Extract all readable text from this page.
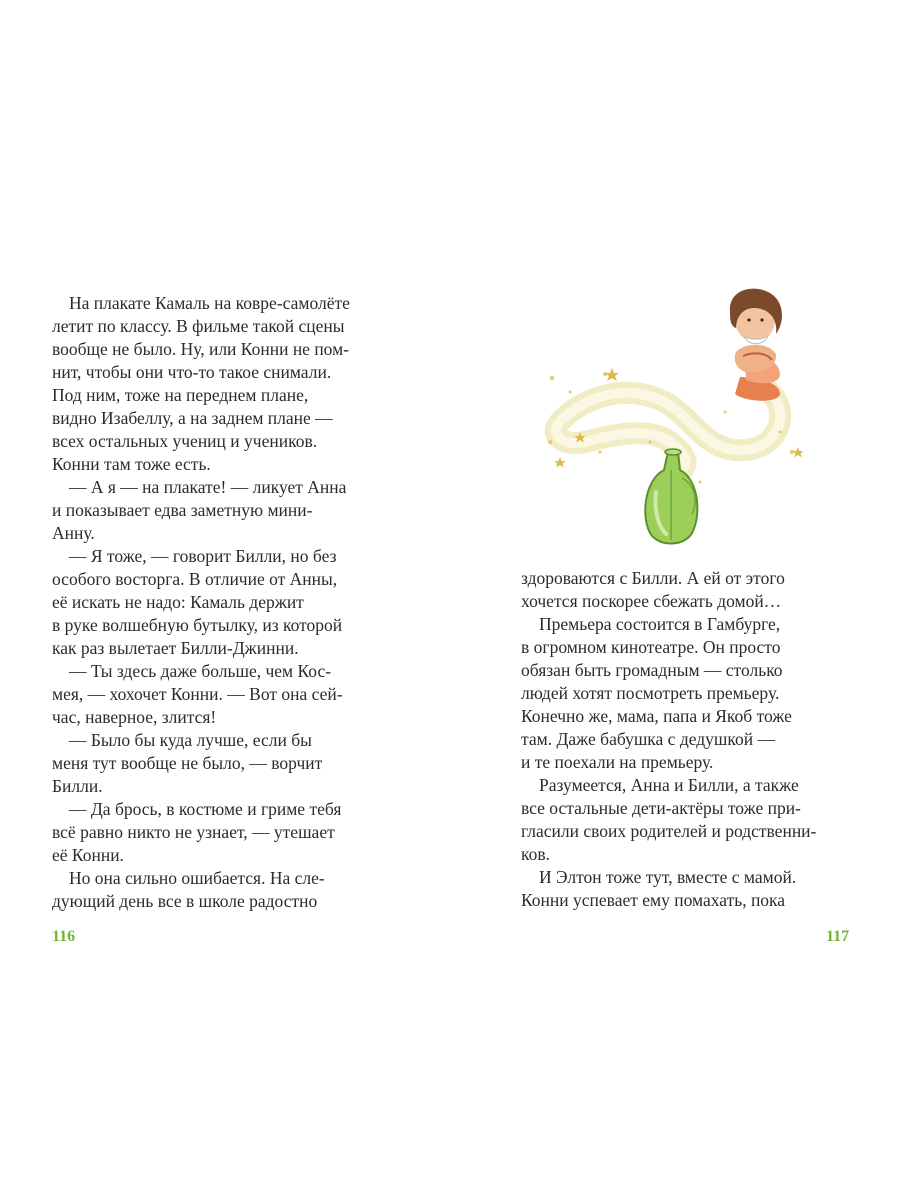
На плакате Камаль на ковре-самолёте
летит по классу. В фильме такой сцены
вообще не было. Ну, или Конни не пом-
нит, чтобы они что-то такое снимали.
Под ним, тоже на переднем плане,
видно Изабеллу, а на заднем плане —
всех остальных учениц и учеников.
Конни там тоже есть.
— А я — на плакате! — ликует Анна
и показывает едва заметную мини-
Анну.
— Я тоже, — говорит Билли, но без
особого восторга. В отличие от Анны,
её искать не надо: Камаль держит
в руке волшебную бутылку, из которой
как раз вылетает Билли-Джинни.
— Ты здесь даже больше, чем Кос-
мея, — хохочет Конни. — Вот она сей-
час, наверное, злится!
— Было бы куда лучше, если бы
меня тут вообще не было, — ворчит
Билли.
— Да брось, в костюме и гриме тебя
всё равно никто не узнает, — утешает
её Конни.
Но она сильно ошибается. На сле-
дующий день все в школе радостно
116
здороваются с Билли. А ей от этого
хочется поскорее сбежать домой…
Премьера состоится в Гамбурге,
в огромном кинотеатре. Он просто
обязан быть громадным — столько
людей хотят посмотреть премьеру.
Конечно же, мама, папа и Якоб тоже
там. Даже бабушка с дедушкой —
и те поехали на премьеру.
Разумеется, Анна и Билли, а также
все остальные дети-актёры тоже при-
гласили своих родителей и родственни-
ков.
И Элтон тоже тут, вместе с мамой.
Конни успевает ему помахать, пока
117
